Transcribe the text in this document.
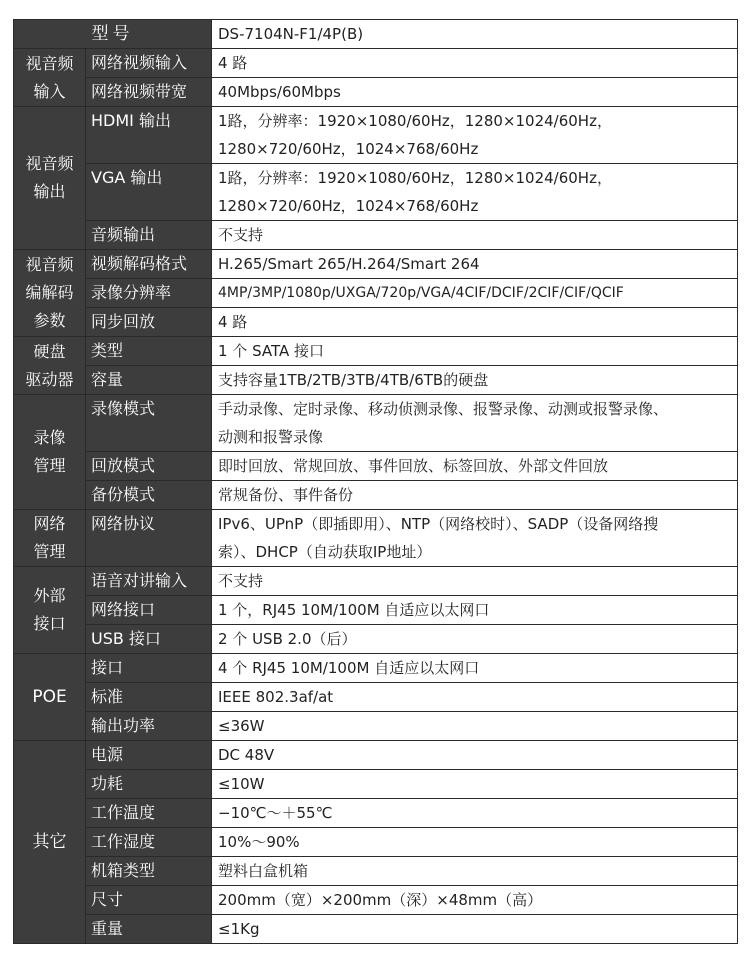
型号		DS-7104N-F1/4P(B)

视音频
输入	网络视频输入	4 路
	网络视频带宽	40Mbps/60Mbps

视音频
输出	HDMI 输出	1路，分辨率：1920×1080/60Hz，1280×1024/60Hz，
		1280×720/60Hz，1024×768/60Hz
	VGA 输出	1路，分辨率：1920×1080/60Hz，1280×1024/60Hz，
		1280×720/60Hz，1024×768/60Hz
	音频输出	不支持

视音频
编解码
参数	视频解码格式	H.265/Smart 265/H.264/Smart 264
	录像分辨率	4MP/3MP/1080p/UXGA/720p/VGA/4CIF/DCIF/2CIF/CIF/QCIF
	同步回放	4 路

硬盘
驱动器	类型	1 个 SATA 接口
	容量	支持容量1TB/2TB/3TB/4TB/6TB的硬盘

录像
管理	录像模式	手动录像、定时录像、移动侦测录像、报警录像、动测或报警录像、
		动测和报警录像
	回放模式	即时回放、常规回放、事件回放、标签回放、外部文件回放
	备份模式	常规备份、事件备份

网络
管理	网络协议	IPv6、UPnP（即插即用）、NTP（网络校时）、SADP（设备网络搜
		索）、DHCP（自动获取IP地址）

外部
接口	语音对讲输入	不支持
	网络接口	1 个，RJ45 10M/100M 自适应以太网口
	USB 接口	2 个 USB 2.0（后）

POE	接口	4 个 RJ45 10M/100M 自适应以太网口
	标准	IEEE 802.3af/at
	输出功率	≤36W

其它	电源	DC 48V
	功耗	≤10W
	工作温度	−10℃～＋55℃
	工作湿度	10%～90%
	机箱类型	塑料白盒机箱
	尺寸	200mm（宽）×200mm（深）×48mm（高）
	重量	≤1Kg
